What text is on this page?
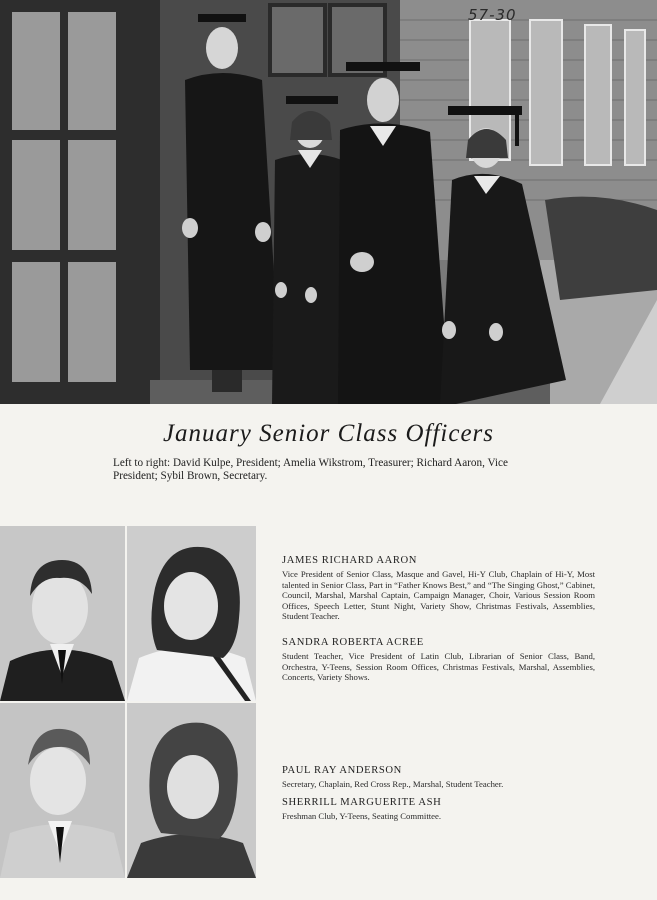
57-30
January Senior Class Officers
Left to right: David Kulpe, President; Amelia Wikstrom, Treasurer; Richard Aaron, Vice President; Sybil Brown, Secretary.
JAMES RICHARD AARON
Vice President of Senior Class, Masque and Gavel, Hi-Y Club, Chaplain of Hi-Y, Most talented in Senior Class, Part in “Father Knows Best,” and “The Singing Ghost,” Cabinet, Council, Marshal, Marshal Captain, Campaign Manager, Choir, Various Session Room Offices, Speech Letter, Stunt Night, Variety Show, Christmas Festivals, Assemblies, Student Teacher.
SANDRA ROBERTA ACREE
Student Teacher, Vice President of Latin Club, Librarian of Senior Class, Band, Orchestra, Y-Teens, Session Room Offices, Christmas Festivals, Marshal, Assemblies, Concerts, Variety Shows.
PAUL RAY ANDERSON
Secretary, Chaplain, Red Cross Rep., Marshal, Student Teacher.
SHERRILL MARGUERITE ASH
Freshman Club, Y-Teens, Seating Committee.
